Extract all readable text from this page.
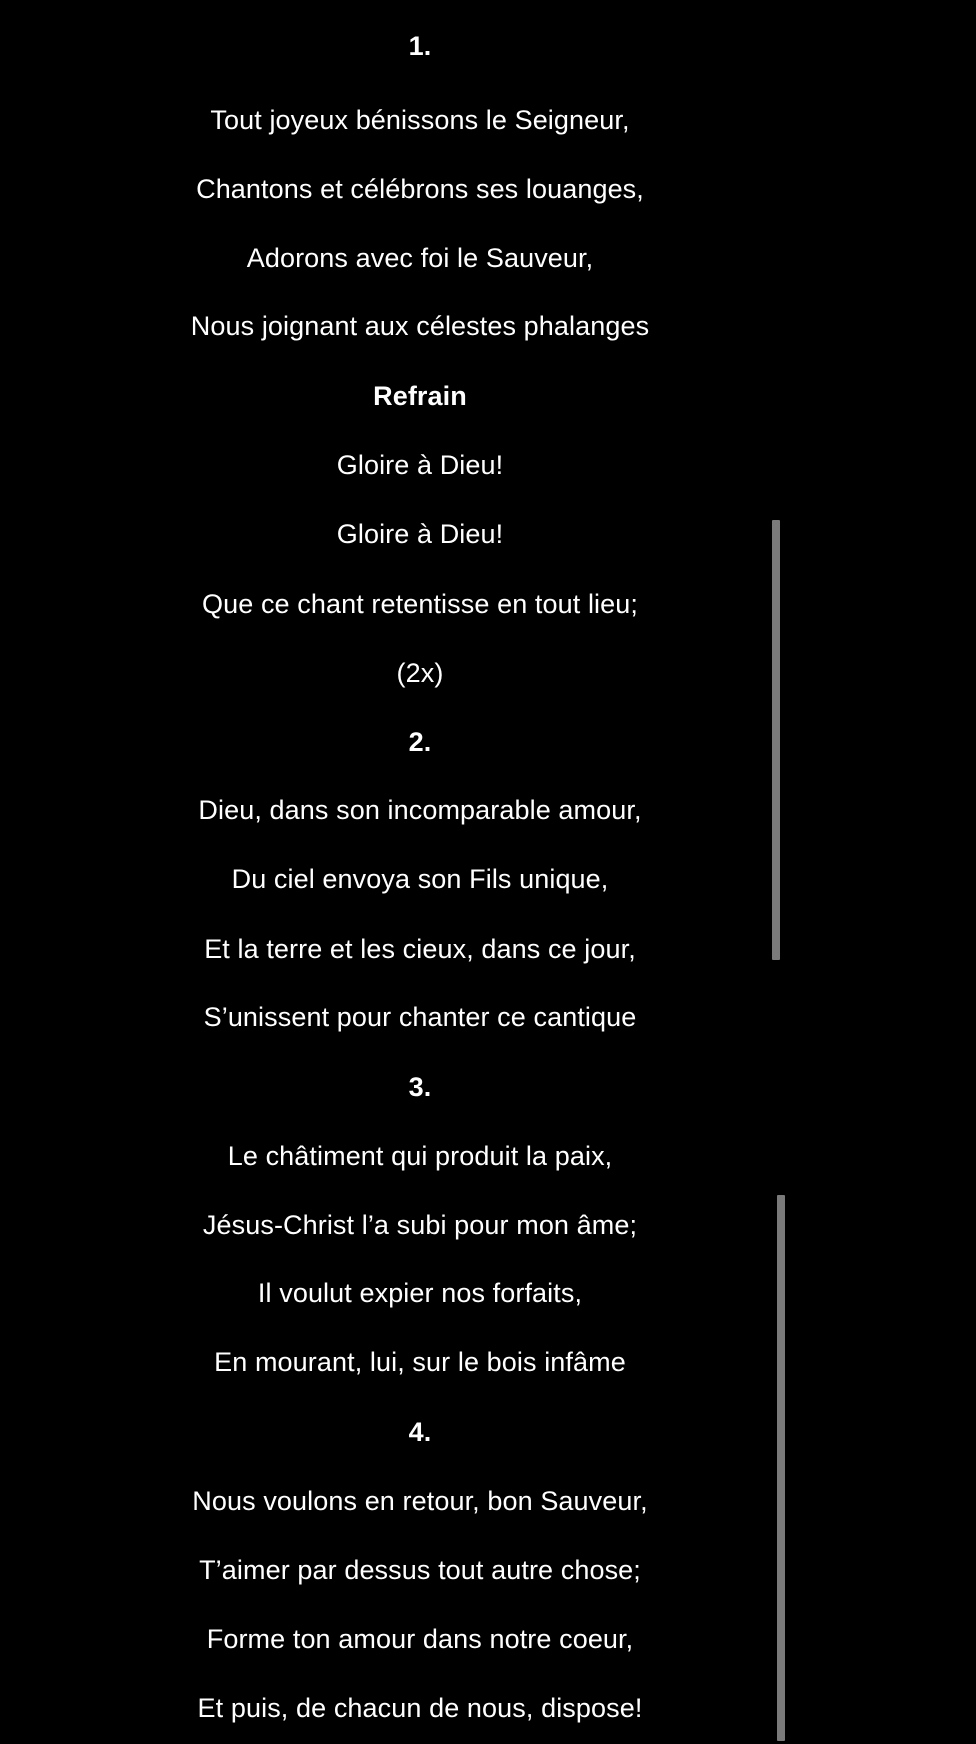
1.
Tout joyeux bénissons le Seigneur,
Chantons et célébrons ses louanges,
Adorons avec foi le Sauveur,
Nous joignant aux célestes phalanges
Refrain
Gloire à Dieu!
Gloire à Dieu!
Que ce chant retentisse en tout lieu;
(2x)
2.
Dieu, dans son incomparable amour,
Du ciel envoya son Fils unique,
Et la terre et les cieux, dans ce jour,
S’unissent pour chanter ce cantique
3.
Le châtiment qui produit la paix,
Jésus-Christ l’a subi pour mon âme;
Il voulut expier nos forfaits,
En mourant, lui, sur le bois infâme
4.
Nous voulons en retour, bon Sauveur,
T’aimer par dessus tout autre chose;
Forme ton amour dans notre coeur,
Et puis, de chacun de nous, dispose!
